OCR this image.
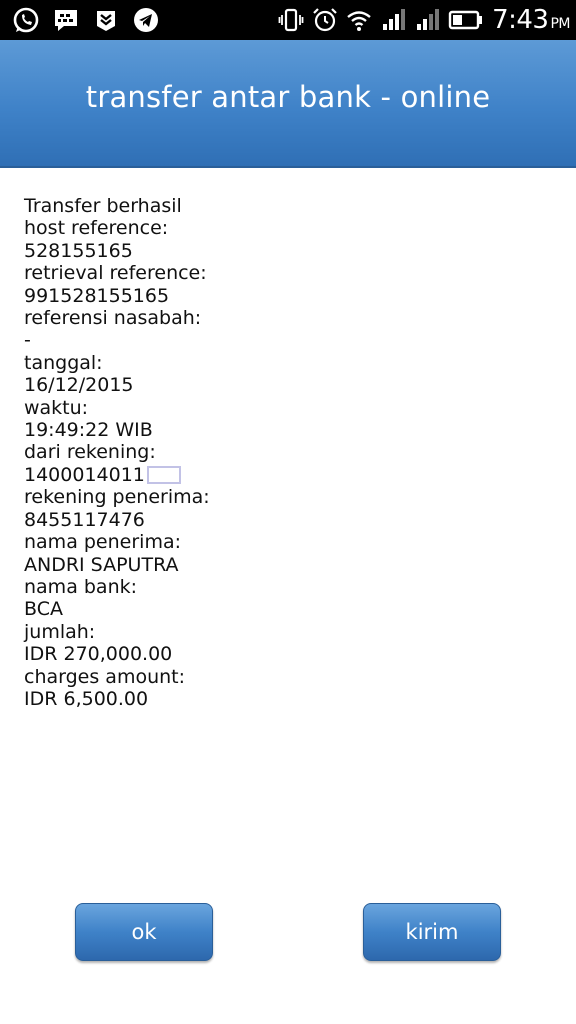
7:43 PM
transfer antar bank - online
Transfer berhasil
host reference:
528155165
retrieval reference:
991528155165
referensi nasabah:
-
tanggal:
16/12/2015
waktu:
19:49:22 WIB
dari rekening:
1400014011
rekening penerima:
8455117476
nama penerima:
ANDRI SAPUTRA
nama bank:
BCA
jumlah:
IDR 270,000.00
charges amount:
IDR 6,500.00
ok	kirim
